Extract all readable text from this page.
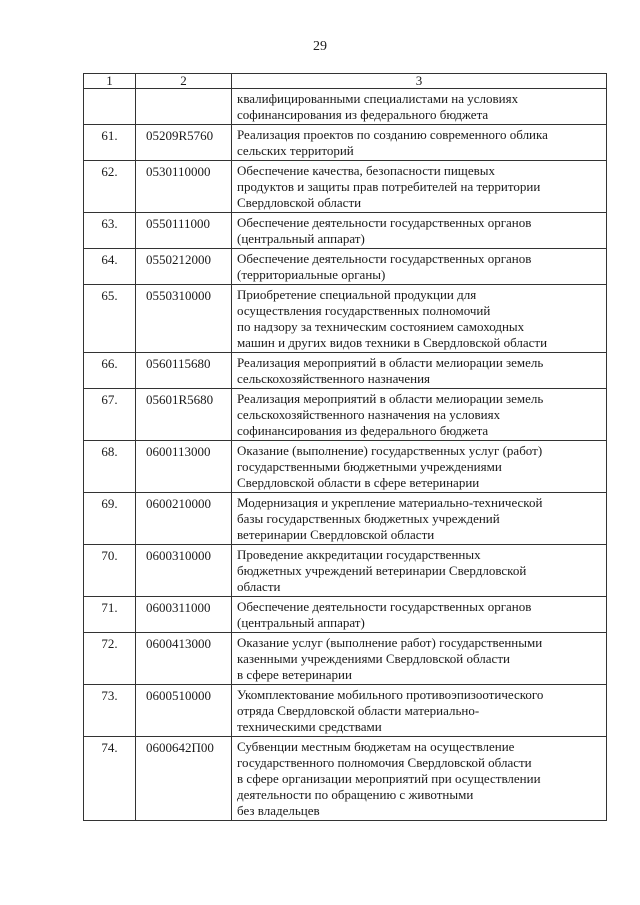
29
1	2	3

		квалифицированными специалистами на условиях
софинансирования из федерального бюджета

61.	05209R5760	Реализация проектов по созданию современного облика
сельских территорий

62.	0530110000	Обеспечение качества, безопасности пищевых
продуктов и защиты прав потребителей на территории
Свердловской области

63.	0550111000	Обеспечение деятельности государственных органов
(центральный аппарат)

64.	0550212000	Обеспечение деятельности государственных органов
(территориальные органы)

65.	0550310000	Приобретение специальной продукции для
осуществления государственных полномочий
по надзору за техническим состоянием самоходных
машин и других видов техники в Свердловской области

66.	0560115680	Реализация мероприятий в области мелиорации земель
сельскохозяйственного назначения

67.	05601R5680	Реализация мероприятий в области мелиорации земель
сельскохозяйственного назначения на условиях
софинансирования из федерального бюджета

68.	0600113000	Оказание (выполнение) государственных услуг (работ)
государственными бюджетными учреждениями
Свердловской области в сфере ветеринарии

69.	0600210000	Модернизация и укрепление материально-технической
базы государственных бюджетных учреждений
ветеринарии Свердловской области

70.	0600310000	Проведение аккредитации государственных
бюджетных учреждений ветеринарии Свердловской
области

71.	0600311000	Обеспечение деятельности государственных органов
(центральный аппарат)

72.	0600413000	Оказание услуг (выполнение работ) государственными
казенными учреждениями Свердловской области
в сфере ветеринарии

73.	0600510000	Укомплектование мобильного противоэпизоотического
отряда Свердловской области материально-
техническими средствами

74.	0600642П00	Субвенции местным бюджетам на осуществление
государственного полномочия Свердловской области
в сфере организации мероприятий при осуществлении
деятельности по обращению с животными
без владельцев
